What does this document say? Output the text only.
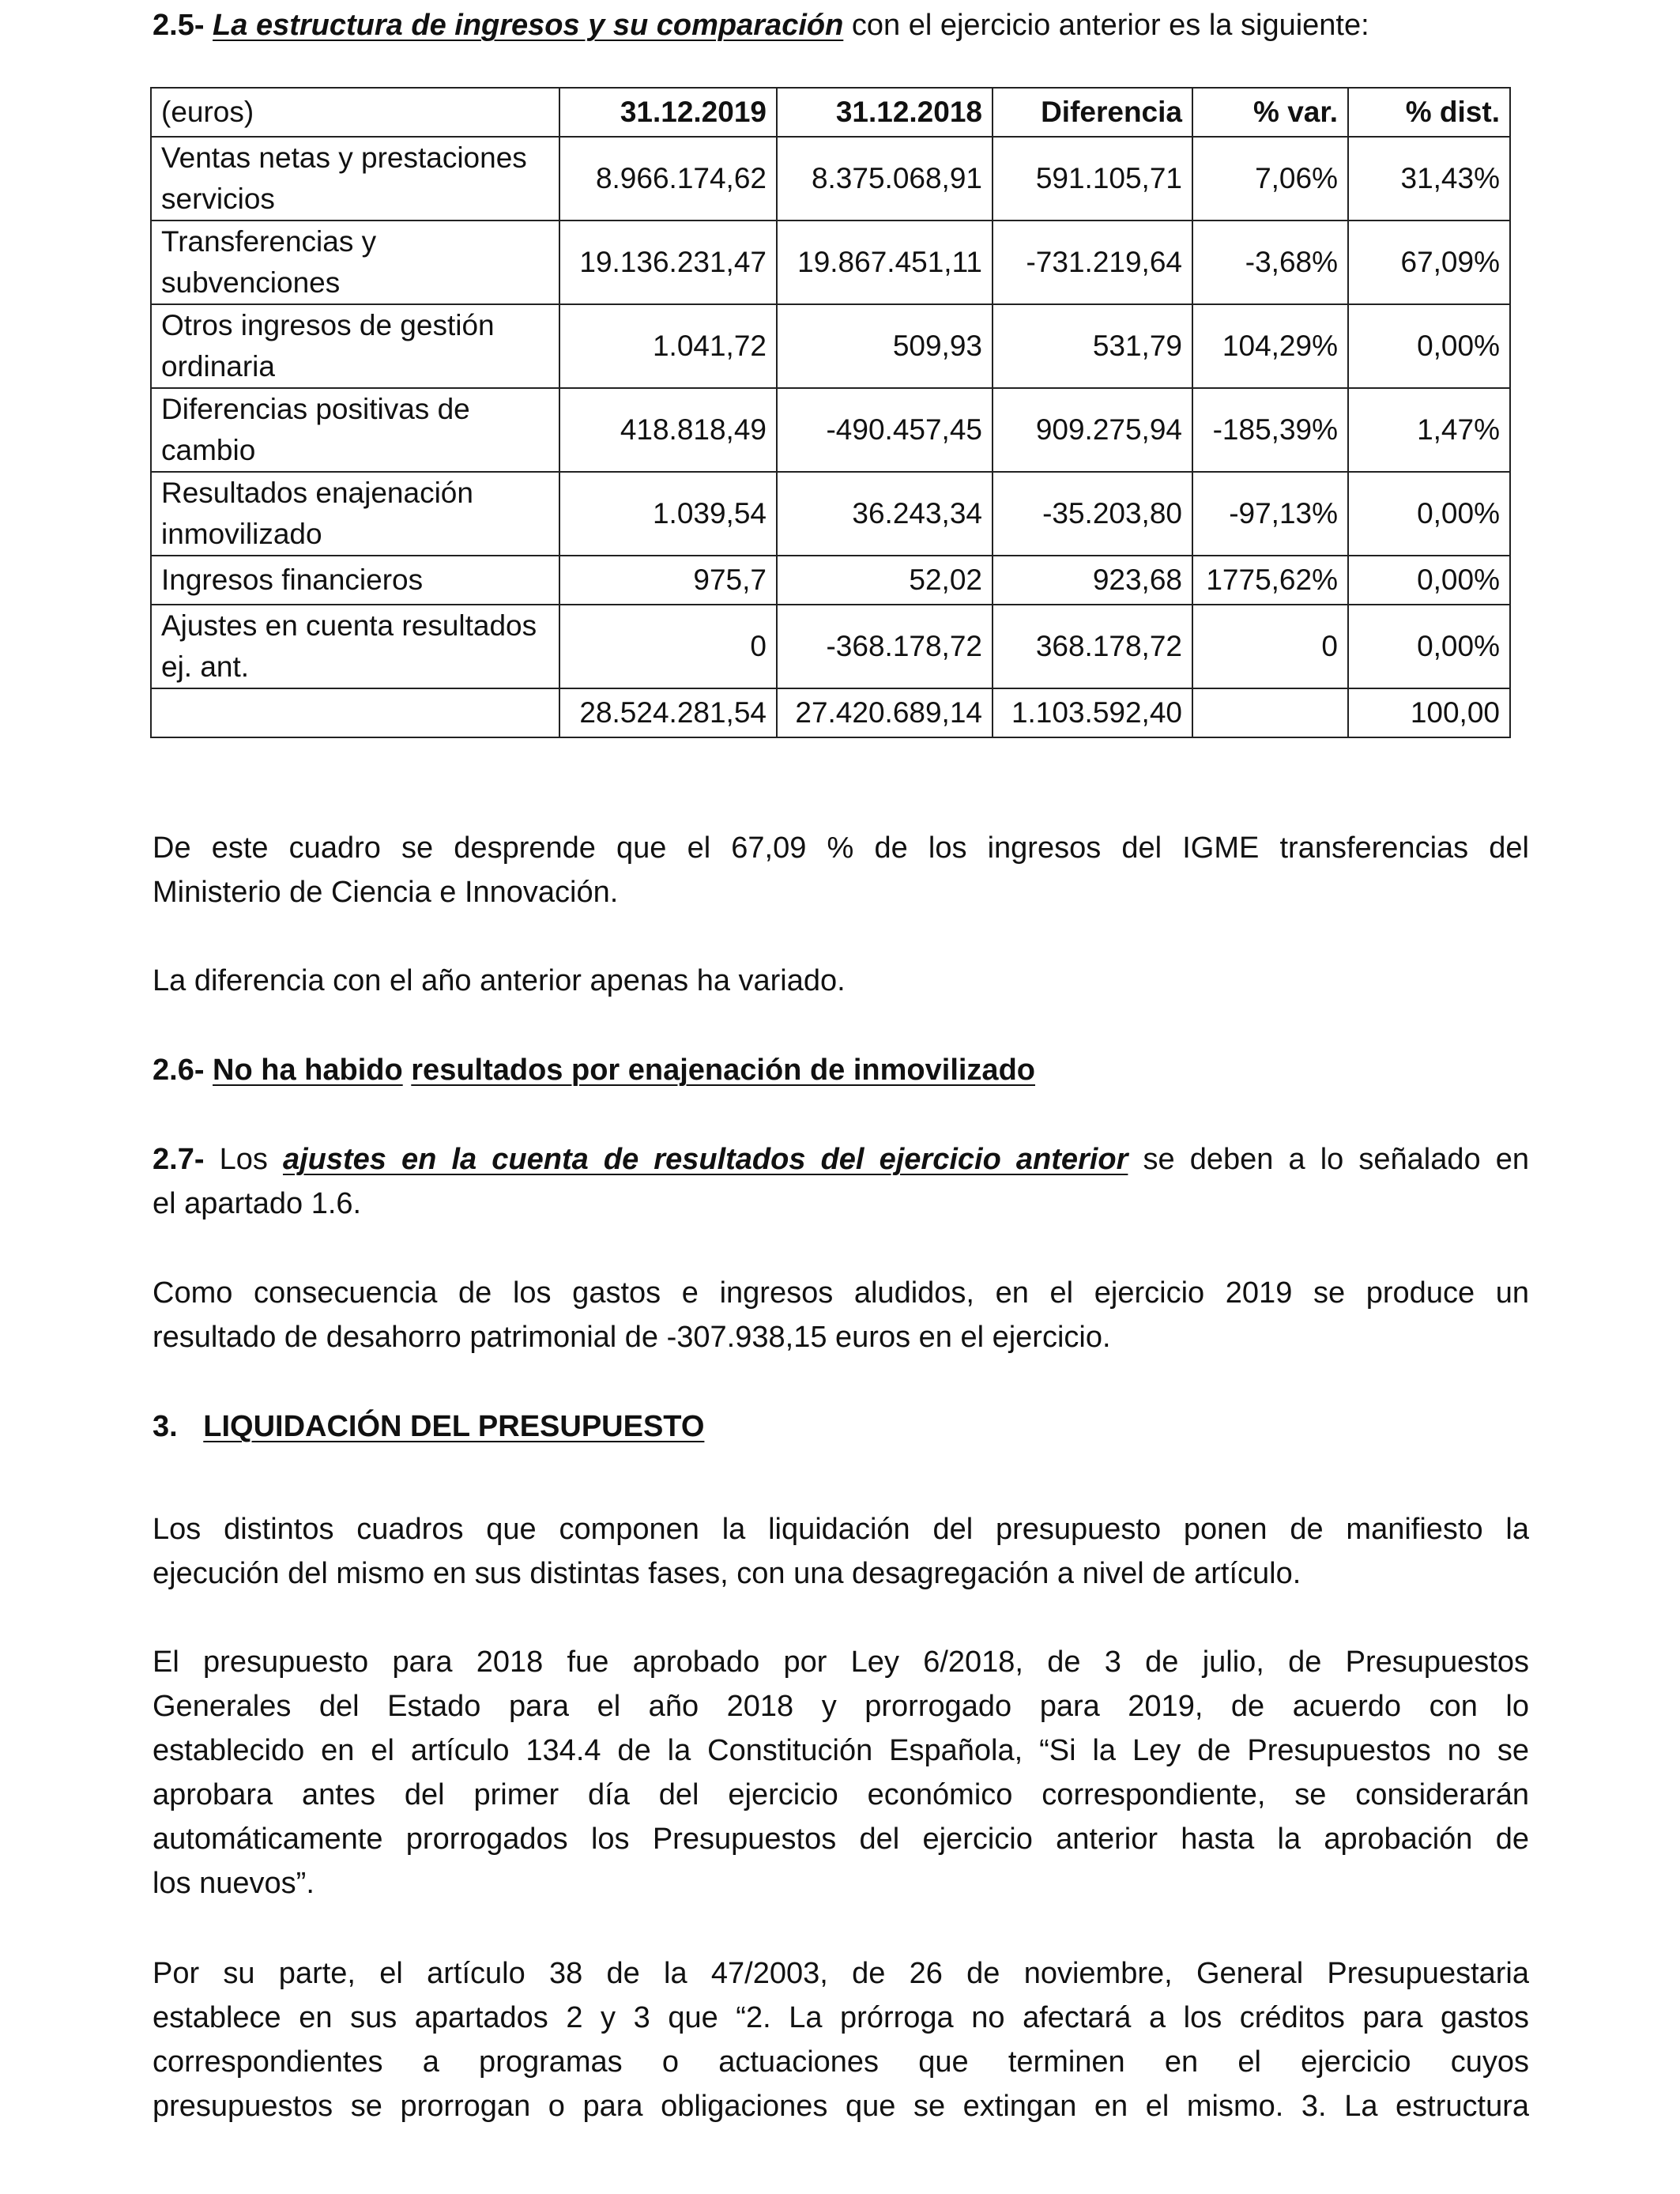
2.5- La estructura de ingresos y su comparación con el ejercicio anterior es la siguiente:
(euros)	31.12.2019	31.12.2018	Diferencia	% var.	% dist.
Ventas netas y prestaciones servicios	8.966.174,62	8.375.068,91	591.105,71	7,06%	31,43%
Transferencias y subvenciones	19.136.231,47	19.867.451,11	-731.219,64	-3,68%	67,09%
Otros ingresos de gestión ordinaria	1.041,72	509,93	531,79	104,29%	0,00%
Diferencias positivas de cambio	418.818,49	-490.457,45	909.275,94	-185,39%	1,47%
Resultados enajenación inmovilizado	1.039,54	36.243,34	-35.203,80	-97,13%	0,00%
Ingresos financieros	975,7	52,02	923,68	1775,62%	0,00%
Ajustes en cuenta resultados ej. ant.	0	-368.178,72	368.178,72	0	0,00%
	28.524.281,54	27.420.689,14	1.103.592,40		100,00
De este cuadro se desprende que el 67,09 % de los ingresos del IGME transferencias del
Ministerio de Ciencia e Innovación.
La diferencia con el año anterior apenas ha variado.
2.6- No ha habido resultados por enajenación de inmovilizado
2.7- Los ajustes en la cuenta de resultados del ejercicio anterior se deben a lo señalado en
el apartado 1.6.
Como consecuencia de los gastos e ingresos aludidos, en el ejercicio 2019 se produce un
resultado de desahorro patrimonial de -307.938,15 euros en el ejercicio.
3. LIQUIDACIÓN DEL PRESUPUESTO
Los distintos cuadros que componen la liquidación del presupuesto ponen de manifiesto la
ejecución del mismo en sus distintas fases, con una desagregación a nivel de artículo.
El presupuesto para 2018 fue aprobado por Ley 6/2018, de 3 de julio, de Presupuestos
Generales del Estado para el año 2018 y prorrogado para 2019, de acuerdo con lo
establecido en el artículo 134.4 de la Constitución Española, “Si la Ley de Presupuestos no se
aprobara antes del primer día del ejercicio económico correspondiente, se considerarán
automáticamente prorrogados los Presupuestos del ejercicio anterior hasta la aprobación de
los nuevos”.
Por su parte, el artículo 38 de la 47/2003, de 26 de noviembre, General Presupuestaria
establece en sus apartados 2 y 3 que “2. La prórroga no afectará a los créditos para gastos
correspondientes a programas o actuaciones que terminen en el ejercicio cuyos
presupuestos se prorrogan o para obligaciones que se extingan en el mismo. 3. La estructura
